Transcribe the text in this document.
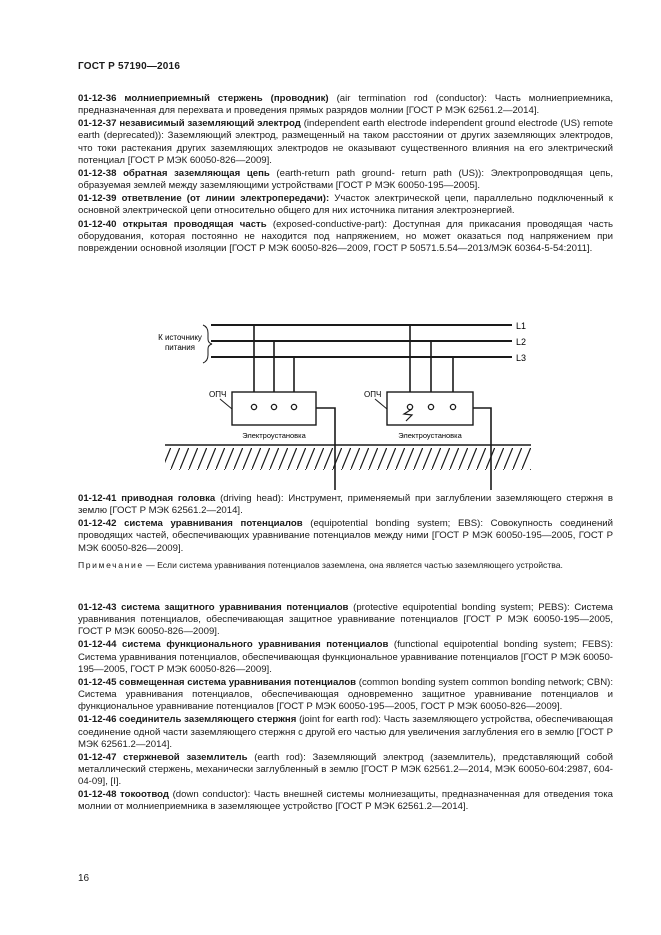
ГОСТ Р 57190—2016

01-12-36 молниеприемный стержень (проводник) (air termination rod (conductor): Часть молниеприемника, предназначенная для перехвата и проведения прямых разрядов молнии [ГОСТ Р МЭК 62561.2—2014].

01-12-37 независимый заземляющий электрод (independent earth electrode independent ground electrode (US) remote earth (deprecated)): Заземляющий электрод, размещенный на таком расстоянии от других заземляющих электродов, что токи растекания других заземляющих электродов не оказывают существенного влияния на его электрический потенциал [ГОСТ Р МЭК 60050-826—2009].

01-12-38 обратная заземляющая цепь (earth-return path ground- return path (US)): Электропроводящая цепь, образуемая землей между заземляющими устройствами [ГОСТ Р МЭК 60050-195—2005].

01-12-39 ответвление (от линии электропередачи): Участок электрической цепи, параллельно подключенный к основной электрической цепи относительно общего для них источника питания электроэнергией.

01-12-40 открытая проводящая часть (exposed-conductive-part): Доступная для прикасания проводящая часть оборудования, которая постоянно не находится под напряжением, но может оказаться под напряжением при повреждении основной изоляции [ГОСТ Р МЭК 60050-826—2009, ГОСТ Р 50571.5.54—2013/МЭК 60364-5-54:2011].

К источнику
питания
L1
L2
L3
ОПЧ
Электроустановка
ОПЧ
Электроустановка

01-12-41 приводная головка (driving head): Инструмент, применяемый при заглублении заземляющего стержня в землю [ГОСТ Р МЭК 62561.2—2014].

01-12-42 система уравнивания потенциалов (equipotential bonding system; EBS): Совокупность соединений проводящих частей, обеспечивающих уравнивание потенциалов между ними [ГОСТ Р МЭК 60050-195—2005, ГОСТ Р МЭК 60050-826—2009].

Примечание — Если система уравнивания потенциалов заземлена, она является частью заземляющего устройства.

01-12-43 система защитного уравнивания потенциалов (protective equipotential bonding system; PEBS): Система уравнивания потенциалов, обеспечивающая защитное уравнивание потенциалов [ГОСТ Р МЭК 60050-195—2005, ГОСТ Р МЭК 60050-826—2009].

01-12-44 система функционального уравнивания потенциалов (functional equipotential bonding system; FEBS): Система уравнивания потенциалов, обеспечивающая функциональное уравнивание потенциалов [ГОСТ Р МЭК 60050-195—2005, ГОСТ Р МЭК 60050-826—2009].

01-12-45 совмещенная система уравнивания потенциалов (common bonding system common bonding network; CBN): Система уравнивания потенциалов, обеспечивающая одновременно защитное уравнивание потенциалов и функциональное уравнивание потенциалов [ГОСТ Р МЭК 60050-195—2005, ГОСТ Р МЭК 60050-826—2009].

01-12-46 соединитель заземляющего стержня (joint for earth rod): Часть заземляющего устройства, обеспечивающая соединение одной части заземляющего стержня с другой его частью для увеличения заглубления его в землю [ГОСТ Р МЭК 62561.2—2014].

01-12-47 стержневой заземлитель (earth rod): Заземляющий электрод (заземлитель), представляющий собой металлический стержень, механически заглубленный в землю [ГОСТ Р МЭК 62561.2—2014, МЭК 60050-604:2987, 604-04-09], [I].

01-12-48 токоотвод (down conductor): Часть внешней системы молниезащиты, предназначенная для отведения тока молнии от молниеприемника в заземляющее устройство [ГОСТ Р МЭК 62561.2—2014].

16
